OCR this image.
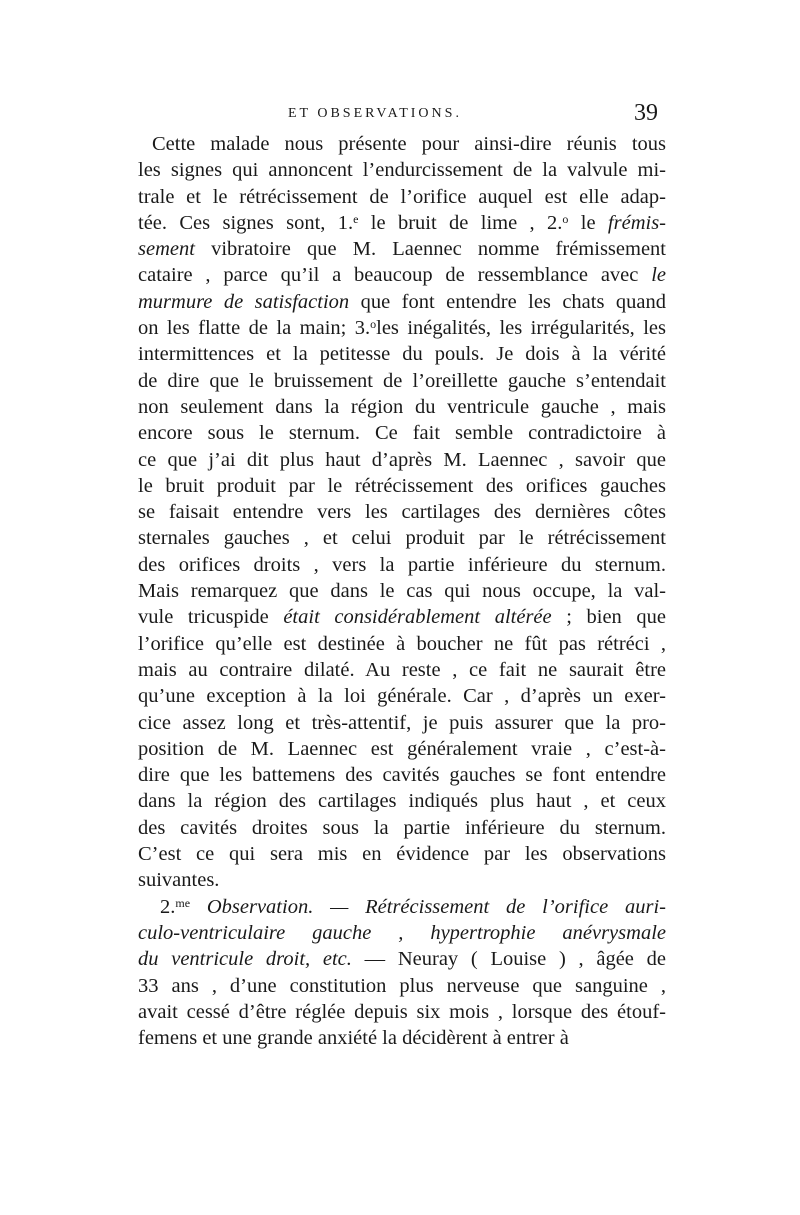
ET OBSERVATIONS.	39
Cette malade nous présente pour ainsi-dire réunis tous
les signes qui annoncent l’endurcissement de la valvule mi-
trale et le rétrécissement de l’orifice auquel est elle adap-
tée. Ces signes sont, 1.$^e$ le bruit de lime , 2.$^o$ le frémis-
sement vibratoire que M. Laennec nomme frémissement
cataire , parce qu’il a beaucoup de ressemblance avec le
murmure de satisfaction que font entendre les chats quand
on les flatte de la main; 3.$^o$les inégalités, les irrégularités, les
intermittences et la petitesse du pouls. Je dois à la vérité
de dire que le bruissement de l’oreillette gauche s’entendait
non seulement dans la région du ventricule gauche , mais
encore sous le sternum. Ce fait semble contradictoire à
ce que j’ai dit plus haut d’après M. Laennec , savoir que
le bruit produit par le rétrécissement des orifices gauches
se faisait entendre vers les cartilages des dernières côtes
sternales gauches , et celui produit par le rétrécissement
des orifices droits , vers la partie inférieure du sternum.
Mais remarquez que dans le cas qui nous occupe, la val-
vule tricuspide était considérablement altérée ; bien que
l’orifice qu’elle est destinée à boucher ne fût pas rétréci ,
mais au contraire dilaté. Au reste , ce fait ne saurait être
qu’une exception à la loi générale. Car , d’après un exer-
cice assez long et très-attentif, je puis assurer que la pro-
position de M. Laennec est généralement vraie , c’est-à-
dire que les battemens des cavités gauches se font entendre
dans la région des cartilages indiqués plus haut , et ceux
des cavités droites sous la partie inférieure du sternum.
C’est ce qui sera mis en évidence par les observations
suivantes.
2.$^{me}$ Observation. — Rétrécissement de l’orifice auri-
culo-ventriculaire gauche , hypertrophie anévrysmale
du ventricule droit, etc. — Neuray ( Louise ) , âgée de
33 ans , d’une constitution plus nerveuse que sanguine ,
avait cessé d’être réglée depuis six mois , lorsque des étouf-
femens et une grande anxiété la décidèrent à entrer à
